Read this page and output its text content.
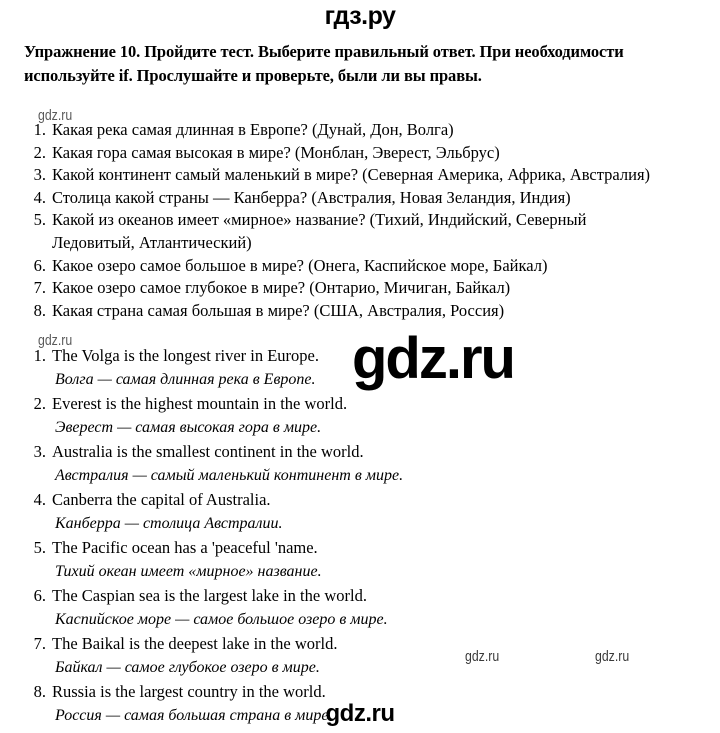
гдз.ру
Упражнение 10. Пройдите тест. Выберите правильный ответ. При необходимости используйте if. Прослушайте и проверьте, были ли вы правы.
gdz.ru
1. Какая река самая длинная в Европе? (Дунай, Дон, Волга)
2. Какая гора самая высокая в мире? (Монблан, Эверест, Эльбрус)
3. Какой континент самый маленький в мире? (Северная Америка, Африка, Австралия)
4. Столица какой страны — Канберра? (Австралия, Новая Зеландия, Индия)
5. Какой из океанов имеет «мирное» название? (Тихий, Индийский, Северный Ледовитый, Атлантический)
6. Какое озеро самое большое в мире? (Онега, Каспийское море, Байкал)
7. Какое озеро самое глубокое в мире? (Онтарио, Мичиган, Байкал)
8. Какая страна самая большая в мире? (США, Австралия, Россия)
gdz.ru
1. The Volga is the longest river in Europe.
Волга — самая длинная река в Европе.
2. Everest is the highest mountain in the world.
Эверест — самая высокая гора в мире.
3. Australia is the smallest continent in the world.
Австралия — самый маленький континент в мире.
4. Canberra the capital of Australia.
Канберра — столица Австралии.
5. The Pacific ocean has a 'peaceful 'name.
Тихий океан имеет «мирное» название.
6. The Caspian sea is the largest lake in the world.
Каспийское море — самое большое озеро в мире.
7. The Baikal is the deepest lake in the world.
Байкал — самое глубокое озеро в мире.
8. Russia is the largest country in the world.
Россия — самая большая страна в мире.
gdz.ru
gdz.ru	gdz.ru
gdz.ru
